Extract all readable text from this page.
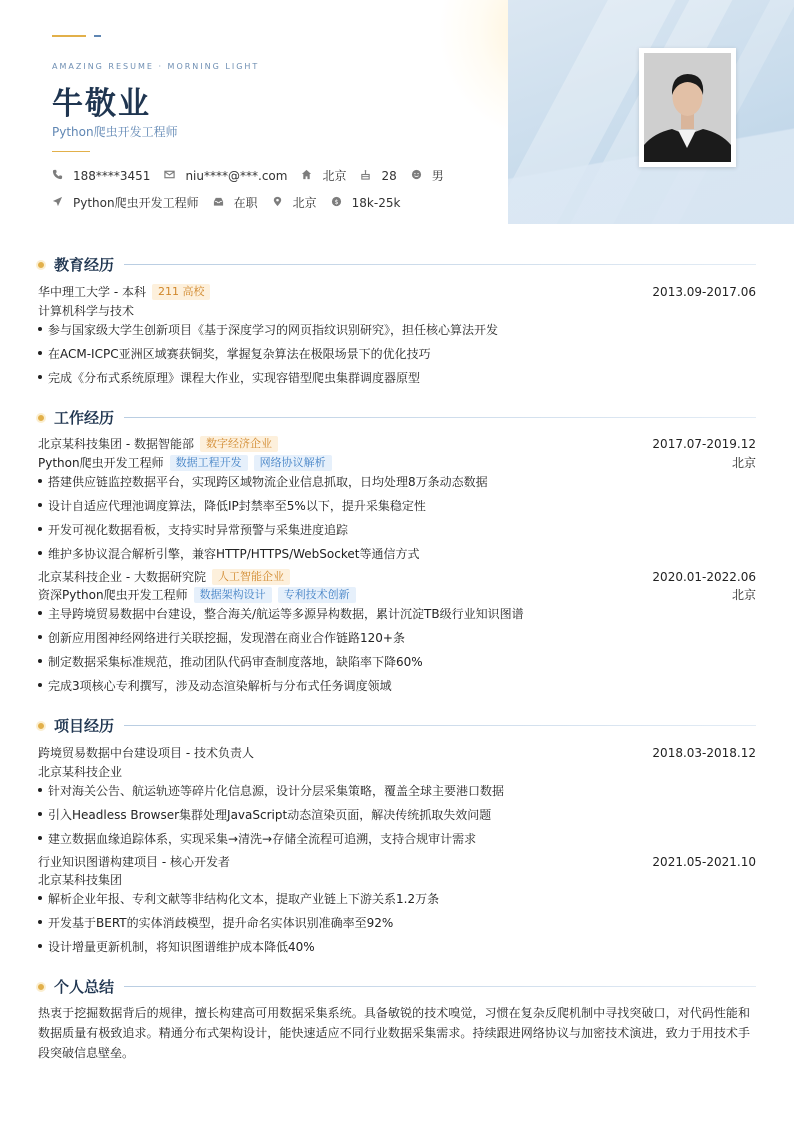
AMAZING RESUME · MORNING LIGHT
牛敬业
Python爬虫开发工程师
188****3451	niu****@***.com	北京	28	男
Python爬虫开发工程师	在职	北京 $ 18k-25k
教育经历
华中理工大学 - 本科	211 高校	2013.09-2017.06
计算机科学与技术
参与国家级大学生创新项目《基于深度学习的网页指纹识别研究》，担任核心算法开发
在ACM-ICPC亚洲区域赛获铜奖，掌握复杂算法在极限场景下的优化技巧
完成《分布式系统原理》课程大作业，实现容错型爬虫集群调度器原型
工作经历
北京某科技集团 - 数据智能部	数字经济企业	2017.07-2019.12
Python爬虫开发工程师	数据工程开发	网络协议解析	北京
搭建供应链监控数据平台，实现跨区域物流企业信息抓取，日均处理8万条动态数据
设计自适应代理池调度算法，降低IP封禁率至5%以下，提升采集稳定性
开发可视化数据看板，支持实时异常预警与采集进度追踪
维护多协议混合解析引擎，兼容HTTP/HTTPS/WebSocket等通信方式
北京某科技企业 - 大数据研究院	人工智能企业	2020.01-2022.06
资深Python爬虫开发工程师	数据架构设计	专利技术创新	北京
主导跨境贸易数据中台建设，整合海关/航运等多源异构数据，累计沉淀TB级行业知识图谱
创新应用图神经网络进行关联挖掘，发现潜在商业合作链路120+条
制定数据采集标准规范，推动团队代码审查制度落地，缺陷率下降60%
完成3项核心专利撰写，涉及动态渲染解析与分布式任务调度领域
项目经历
跨境贸易数据中台建设项目 - 技术负责人	2018.03-2018.12
北京某科技企业
针对海关公告、航运轨迹等碎片化信息源，设计分层采集策略，覆盖全球主要港口数据
引入Headless Browser集群处理JavaScript动态渲染页面，解决传统抓取失效问题
建立数据血缘追踪体系，实现采集→清洗→存储全流程可追溯，支持合规审计需求
行业知识图谱构建项目 - 核心开发者	2021.05-2021.10
北京某科技集团
解析企业年报、专利文献等非结构化文本，提取产业链上下游关系1.2万条
开发基于BERT的实体消歧模型，提升命名实体识别准确率至92%
设计增量更新机制，将知识图谱维护成本降低40%
个人总结
热衷于挖掘数据背后的规律，擅长构建高可用数据采集系统。具备敏锐的技术嗅觉，习惯在复杂反爬机制中寻找突破口，对代码性能和数据质量有极致追求。精通分布式架构设计，能快速适应不同行业数据采集需求。持续跟进网络协议与加密技术演进，致力于用技术手段突破信息壁垒。
